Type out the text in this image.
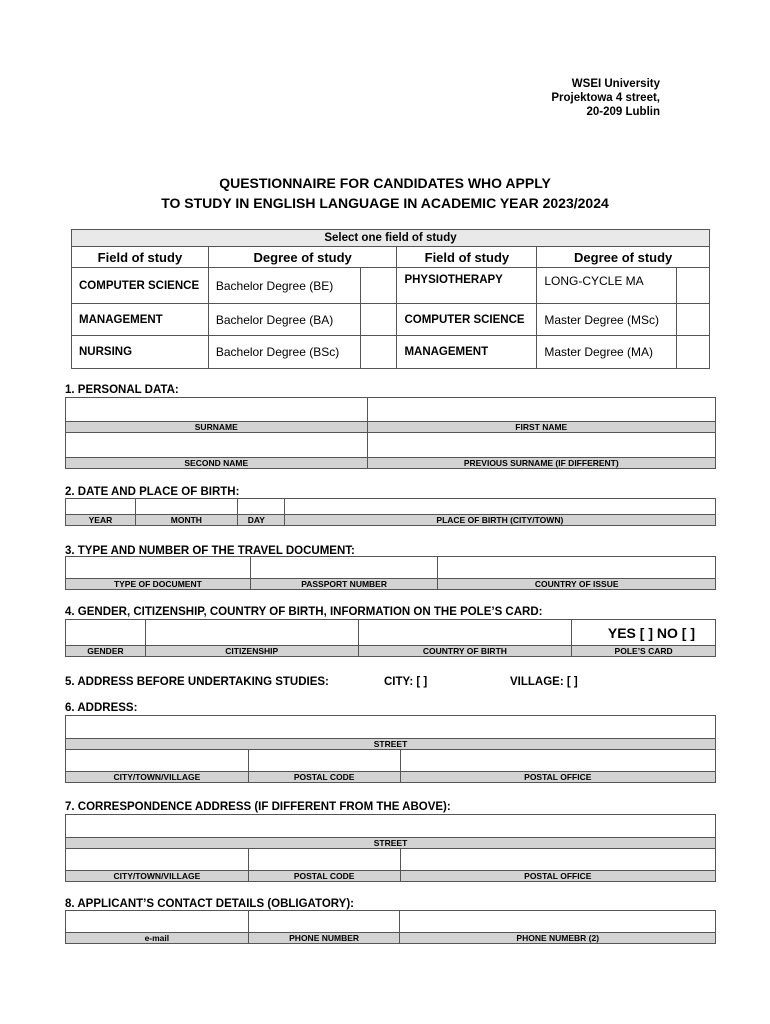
WSEI University
Projektowa 4 street,
20-209 Lublin
QUESTIONNAIRE FOR CANDIDATES WHO APPLY
TO STUDY IN ENGLISH LANGUAGE IN ACADEMIC YEAR 2023/2024
Select one field of study					
Field of study	Degree of study		Field of study	Degree of study	
COMPUTER SCIENCE	Bachelor Degree (BE)		PHYSIOTHERAPY	LONG-CYCLE MA	
MANAGEMENT	Bachelor Degree (BA)		COMPUTER SCIENCE	Master Degree (MSc)	
NURSING	Bachelor Degree (BSc)		MANAGEMENT	Master Degree (MA)	
1. PERSONAL DATA:

SURNAME	FIRST NAME

SECOND NAME	PREVIOUS SURNAME (IF DIFFERENT)
2. DATE AND PLACE OF BIRTH:

YEAR	MONTH	DAY	PLACE OF BIRTH (CITY/TOWN)
3. TYPE AND NUMBER OF THE TRAVEL DOCUMENT:

TYPE OF DOCUMENT	PASSPORT NUMBER	COUNTRY OF ISSUE
4. GENDER, CITIZENSHIP, COUNTRY OF BIRTH, INFORMATION ON THE POLE’S CARD:
			YES [ ] NO [ ]
GENDER	CITIZENSHIP	COUNTRY OF BIRTH	POLE’S CARD
5. ADDRESS BEFORE UNDERTAKING STUDIES:	CITY: [ ]	VILLAGE: [ ]
6. ADDRESS:

STREET		

CITY/TOWN/VILLAGE	POSTAL CODE	POSTAL OFFICE
7. CORRESPONDENCE ADDRESS (IF DIFFERENT FROM THE ABOVE):

STREET		

CITY/TOWN/VILLAGE	POSTAL CODE	POSTAL OFFICE
8. APPLICANT’S CONTACT DETAILS (OBLIGATORY):

e-mail	PHONE NUMBER	PHONE NUMEBR (2)
